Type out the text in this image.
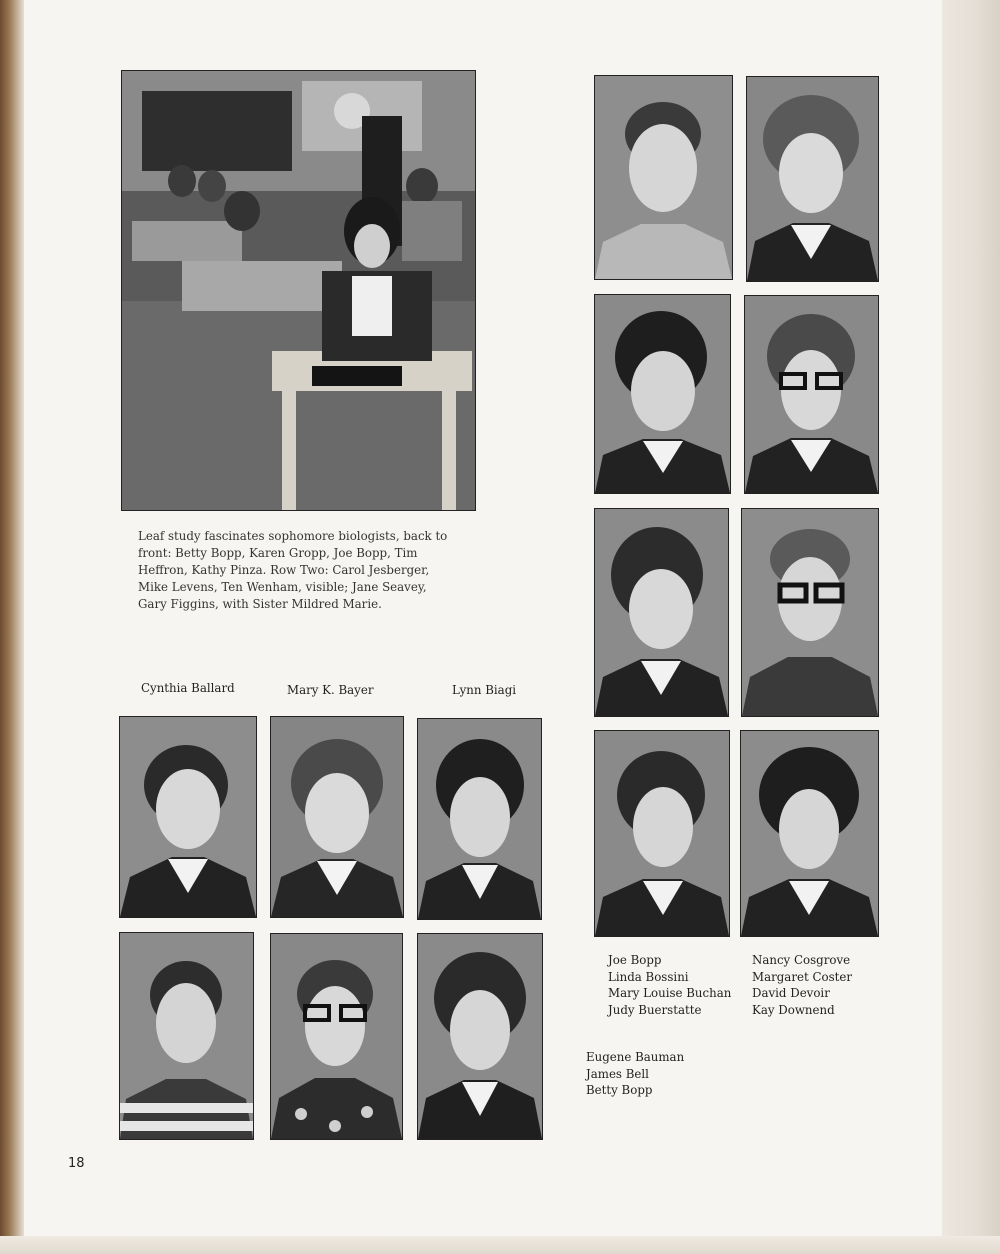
Leaf study fascinates sophomore biologists, back to front: Betty Bopp, Karen Gropp, Joe Bopp, Tim Heffron, Kathy Pinza. Row Two: Carol Jesberger, Mike Levens, Ten Wenham, visible; Jane Seavey, Gary Figgins, with Sister Mildred Marie.

Cynthia Ballard	Mary K. Bayer	Lynn Biagi
Joe Bopp
Linda Bossini
Mary Louise Buchan
Judy Buerstatte
Nancy Cosgrove
Margaret Coster
David Devoir
Kay Downend
Eugene Bauman
James Bell
Betty Bopp
18
